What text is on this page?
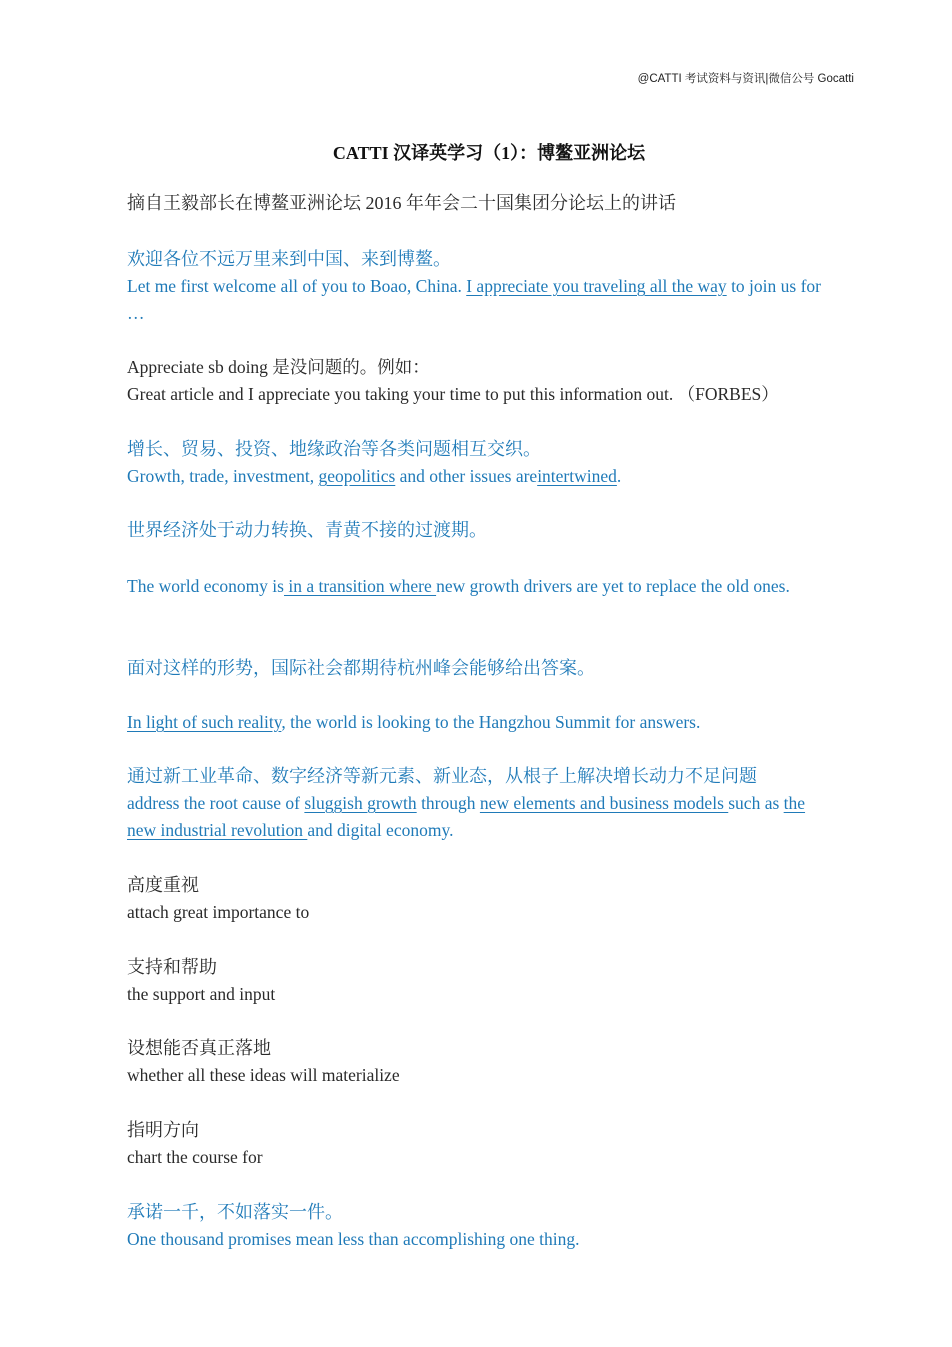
@CATTI 考试资料与资讯|微信公号 Gocatti
CATTI 汉译英学习（1）：博鳌亚洲论坛

摘自王毅部长在博鳌亚洲论坛 2016 年年会二十国集团分论坛上的讲话

欢迎各位不远万里来到中国、来到博鳌。
Let me first welcome all of you to Boao, China. I appreciate you traveling all the way to join us for …

Appreciate sb doing 是没问题的。例如：
Great article and I appreciate you taking your time to put this information out. （FORBES）

增长、贸易、投资、地缘政治等各类问题相互交织。
Growth, trade, investment, geopolitics and other issues areintertwined.

世界经济处于动力转换、青黄不接的过渡期。

The world economy is in a transition where new growth drivers are yet to replace the old ones.

面对这样的形势，国际社会都期待杭州峰会能够给出答案。

In light of such reality, the world is looking to the Hangzhou Summit for answers.

通过新工业革命、数字经济等新元素、新业态，从根子上解决增长动力不足问题
address the root cause of sluggish growth through new elements and business models such as the new industrial revolution and digital economy.

高度重视
attach great importance to

支持和帮助
the support and input

设想能否真正落地
whether all these ideas will materialize

指明方向
chart the course for

承诺一千，不如落实一件。
One thousand promises mean less than accomplishing one thing.
